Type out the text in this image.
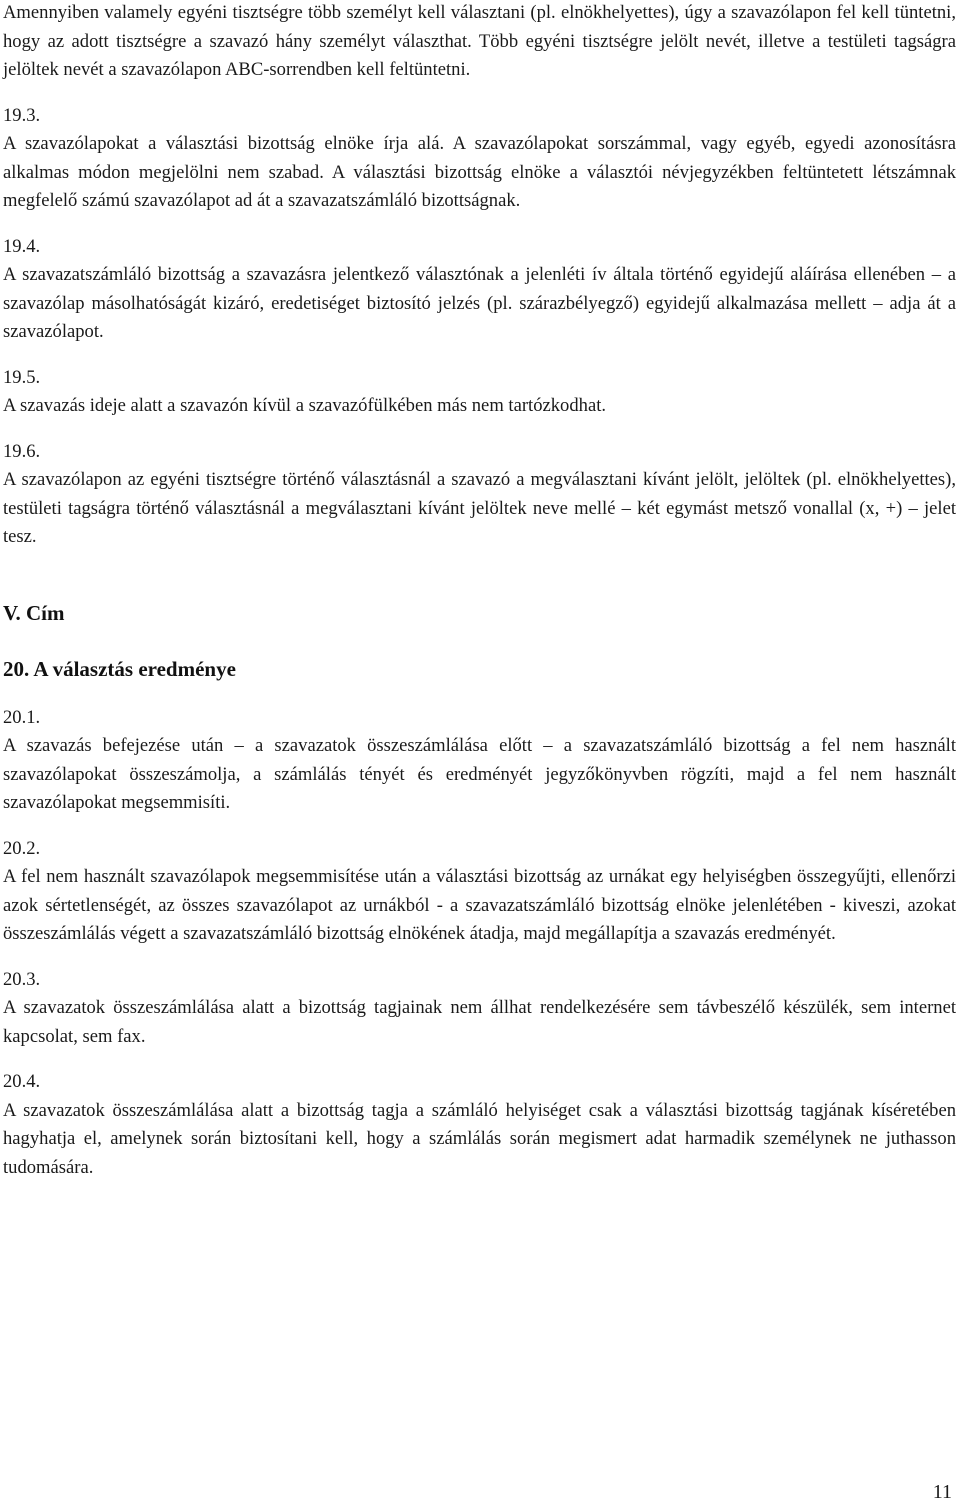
Amennyiben valamely egyéni tisztségre több személyt kell választani (pl. elnökhelyettes), úgy a szavazólapon fel kell tüntetni, hogy az adott tisztségre a szavazó hány személyt választhat. Több egyéni tisztségre jelölt nevét, illetve a testületi tagságra jelöltek nevét a szavazólapon ABC-sorrendben kell feltüntetni.

19.3.

A szavazólapokat a választási bizottság elnöke írja alá. A szavazólapokat sorszámmal, vagy egyéb, egyedi azonosításra alkalmas módon megjelölni nem szabad. A választási bizottság elnöke a választói névjegyzékben feltüntetett létszámnak megfelelő számú szavazólapot ad át a szavazatszámláló bizottságnak.

19.4.

A szavazatszámláló bizottság a szavazásra jelentkező választónak a jelenléti ív általa történő egyidejű aláírása ellenében – a szavazólap másolhatóságát kizáró, eredetiséget biztosító jelzés (pl. szárazbélyegző) egyidejű alkalmazása mellett – adja át a szavazólapot.

19.5.

A szavazás ideje alatt a szavazón kívül a szavazófülkében más nem tartózkodhat.

19.6.

A szavazólapon az egyéni tisztségre történő választásnál a szavazó a megválasztani kívánt jelölt, jelöltek (pl. elnökhelyettes), testületi tagságra történő választásnál a megválasztani kívánt jelöltek neve mellé – két egymást metsző vonallal (x, +) – jelet tesz.

V. Cím

20. A választás eredménye

20.1.

A szavazás befejezése után – a szavazatok összeszámlálása előtt – a szavazatszámláló bizottság a fel nem használt szavazólapokat összeszámolja, a számlálás tényét és eredményét jegyzőkönyvben rögzíti, majd a fel nem használt szavazólapokat megsemmisíti.

20.2.

A fel nem használt szavazólapok megsemmisítése után a választási bizottság az urnákat egy helyiségben összegyűjti, ellenőrzi azok sértetlenségét, az összes szavazólapot az urnákból - a szavazatszámláló bizottság elnöke jelenlétében - kiveszi, azokat összeszámlálás végett a szavazatszámláló bizottság elnökének átadja, majd megállapítja a szavazás eredményét.

20.3.

A szavazatok összeszámlálása alatt a bizottság tagjainak nem állhat rendelkezésére sem távbeszélő készülék, sem internet kapcsolat, sem fax.

20.4.

A szavazatok összeszámlálása alatt a bizottság tagja a számláló helyiséget csak a választási bizottság tagjának kíséretében hagyhatja el, amelynek során biztosítani kell, hogy a számlálás során megismert adat harmadik személynek ne juthasson tudomására.

11
